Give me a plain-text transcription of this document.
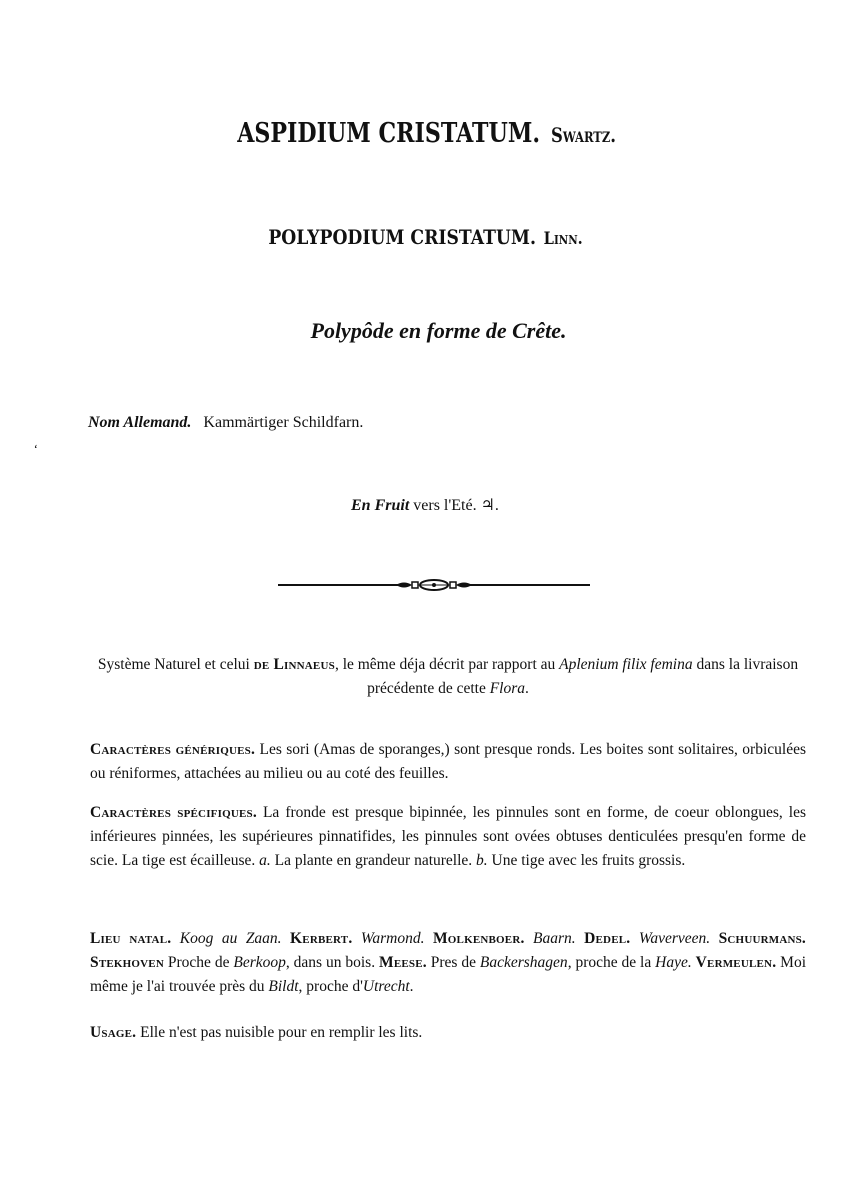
ASPIDIUM CRISTATUM. Swartz.
POLYPODIUM CRISTATUM. Linn.
Polypôde en forme de Crête.
Nom Allemand. Kammärtiger Schildfarn.
‘
En Fruit vers l'Eté. ♃.
Système Naturel et celui de Linnaeus, le même déja décrit par rapport au Aplenium filix femina dans la livraison précédente de cette Flora.
Caractères génériques. Les sori (Amas de sporanges,) sont presque ronds. Les boites sont solitaires, orbiculées ou réniformes, attachées au milieu ou au coté des feuilles.
Caractères spécifiques. La fronde est presque bipinnée, les pinnules sont en forme, de coeur oblongues, les inférieures pinnées, les supérieures pinnatifides, les pinnules sont ovées obtuses denticulées presqu'en forme de scie. La tige est écailleuse. a. La plante en grandeur naturelle. b. Une tige avec les fruits grossis.
Lieu natal. Koog au Zaan. Kerbert. Warmond. Molkenboer. Baarn. Dedel. Waverveen. Schuurmans. Stekhoven Proche de Berkoop, dans un bois. Meese. Pres de Backershagen, proche de la Haye. Vermeulen. Moi même je l'ai trouvée près du Bildt, proche d'Utrecht.
Usage. Elle n'est pas nuisible pour en remplir les lits.
